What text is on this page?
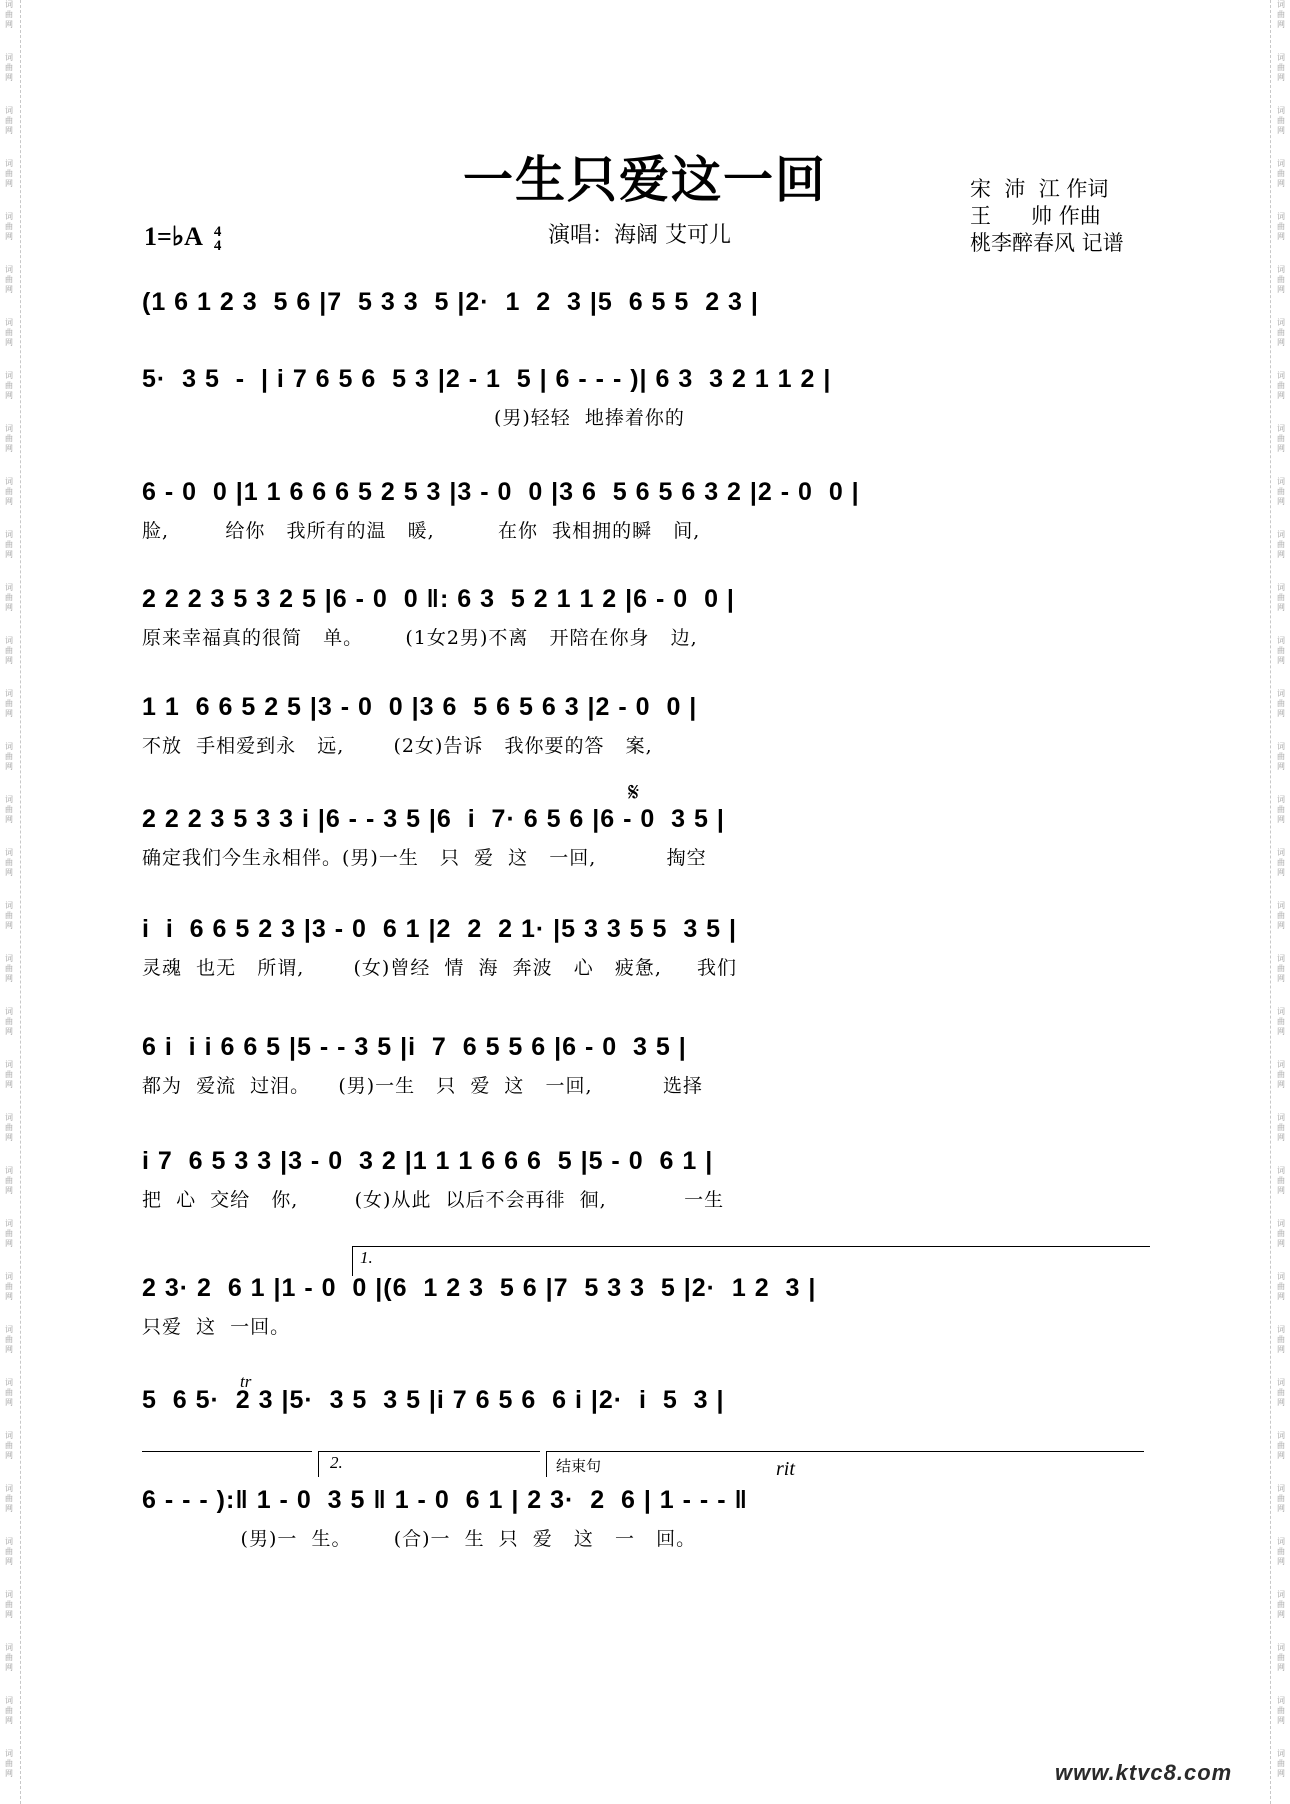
词曲网
词曲网
词曲网
词曲网
词曲网
词曲网
词曲网
词曲网
词曲网
词曲网
词曲网
词曲网
词曲网
词曲网
词曲网
词曲网
词曲网
词曲网
词曲网
词曲网
词曲网
词曲网
词曲网
词曲网
词曲网
词曲网
词曲网
词曲网
词曲网
词曲网
词曲网
词曲网
词曲网
词曲网
词曲网
词曲网
词曲网
词曲网
词曲网
词曲网
词曲网
词曲网
词曲网
词曲网
词曲网
词曲网
词曲网
词曲网
词曲网
词曲网
词曲网
词曲网
词曲网
词曲网
词曲网
词曲网
词曲网
词曲网
词曲网
词曲网
词曲网
词曲网
词曲网
词曲网
词曲网
词曲网
词曲网
词曲网
一生只爱这一回
1=♭A 4
4	演唱：海阔 艾可儿
宋  沛  江 作词
王      帅 作曲
桃李醉春风 记谱
𝄋
(1 6 1 2 3  5 6 |7  5 3 3  5 |2·  1  2  3 |5  6 5 5  2 3 |
5·  3 5  -  | i 7 6 5 6  5 3 |2 - 1  5 | 6 - - - )| 6 3  3 2 1 1 2 |
(男)轻轻  地捧着你的
6 - 0  0 |1 1 6 6 6 5 2 5 3 |3 - 0  0 |3 6  5 6 5 6 3 2 |2 - 0  0 |
脸,        给你   我所有的温   暖,         在你  我相拥的瞬   间,
2 2 2 3 5 3 2 5 |6 - 0  0 ‖: 6 3  5 2 1 1 2 |6 - 0  0 |
原来幸福真的很简   单。      (1女2男)不离   开陪在你身   边,
1 1  6 6 5 2 5 |3 - 0  0 |3 6  5 6 5 6 3 |2 - 0  0 |
不放  手相爱到永   远,       (2女)告诉   我你要的答   案,
2 2 2 3 5 3 3 i |6 - - 3 5 |6  i  7· 6 5 6 |6 - 0  3 5 |
确定我们今生永相伴。(男)一生   只  爱  这   一回,          掏空
i  i  6 6 5 2 3 |3 - 0  6 1 |2  2  2 1· |5 3 3 5 5  3 5 |
灵魂  也无   所谓,       (女)曾经  情  海  奔波   心   疲惫,     我们
6 i  i i 6 6 5 |5 - - 3 5 |i  7  6 5 5 6 |6 - 0  3 5 |
都为  爱流  过泪。    (男)一生   只  爱  这   一回,          选择
i 7  6 5 3 3 |3 - 0  3 2 |1 1 1 6 6 6  5 |5 - 0  6 1 |
把  心  交给   你,        (女)从此  以后不会再徘  徊,           一生
1.
2 3· 2  6 1 |1 - 0  0 |(6  1 2 3  5 6 |7  5 3 3  5 |2·  1 2  3 |
只爱  这  一回。
tr
5  6 5·  2 3 |5·  3 5  3 5 |i 7 6 5 6  6 i |2·  i  5  3 |
2.	结束句	rit
6 - - - ):‖ 1 - 0  3 5 ‖ 1 - 0  6 1 | 2 3·  2  6 | 1 - - - ‖
(男)一  生。      (合)一  生  只  爱   这   一   回。
www.ktvc8.com
